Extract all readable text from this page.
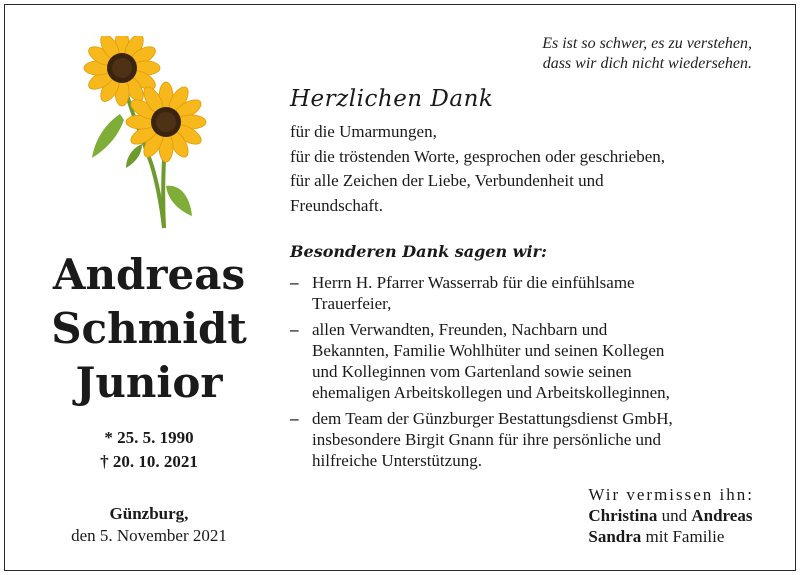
Andreas
Schmidt
Junior
* 25. 5. 1990
† 20. 10. 2021
Günzburg,
den 5. November 2021
Es ist so schwer, es zu verstehen,
dass wir dich nicht wiedersehen.
Herzlichen Dank
für die Umarmungen,
für die tröstenden Worte, gesprochen oder geschrieben,
für alle Zeichen der Liebe, Verbundenheit und
Freundschaft.
Besonderen Dank sagen wir:
– Herrn H. Pfarrer Wasserrab für die einfühlsame
Trauerfeier,
– allen Verwandten, Freunden, Nachbarn und
Bekannten, Familie Wohlhüter und seinen Kollegen
und Kolleginnen vom Gartenland sowie seinen
ehemaligen Arbeitskollegen und Arbeitskolleginnen,
– dem Team der Günzburger Bestattungsdienst GmbH,
insbesondere Birgit Gnann für ihre persönliche und
hilfreiche Unterstützung.
Wir vermissen ihn:
Christina und Andreas
Sandra mit Familie
